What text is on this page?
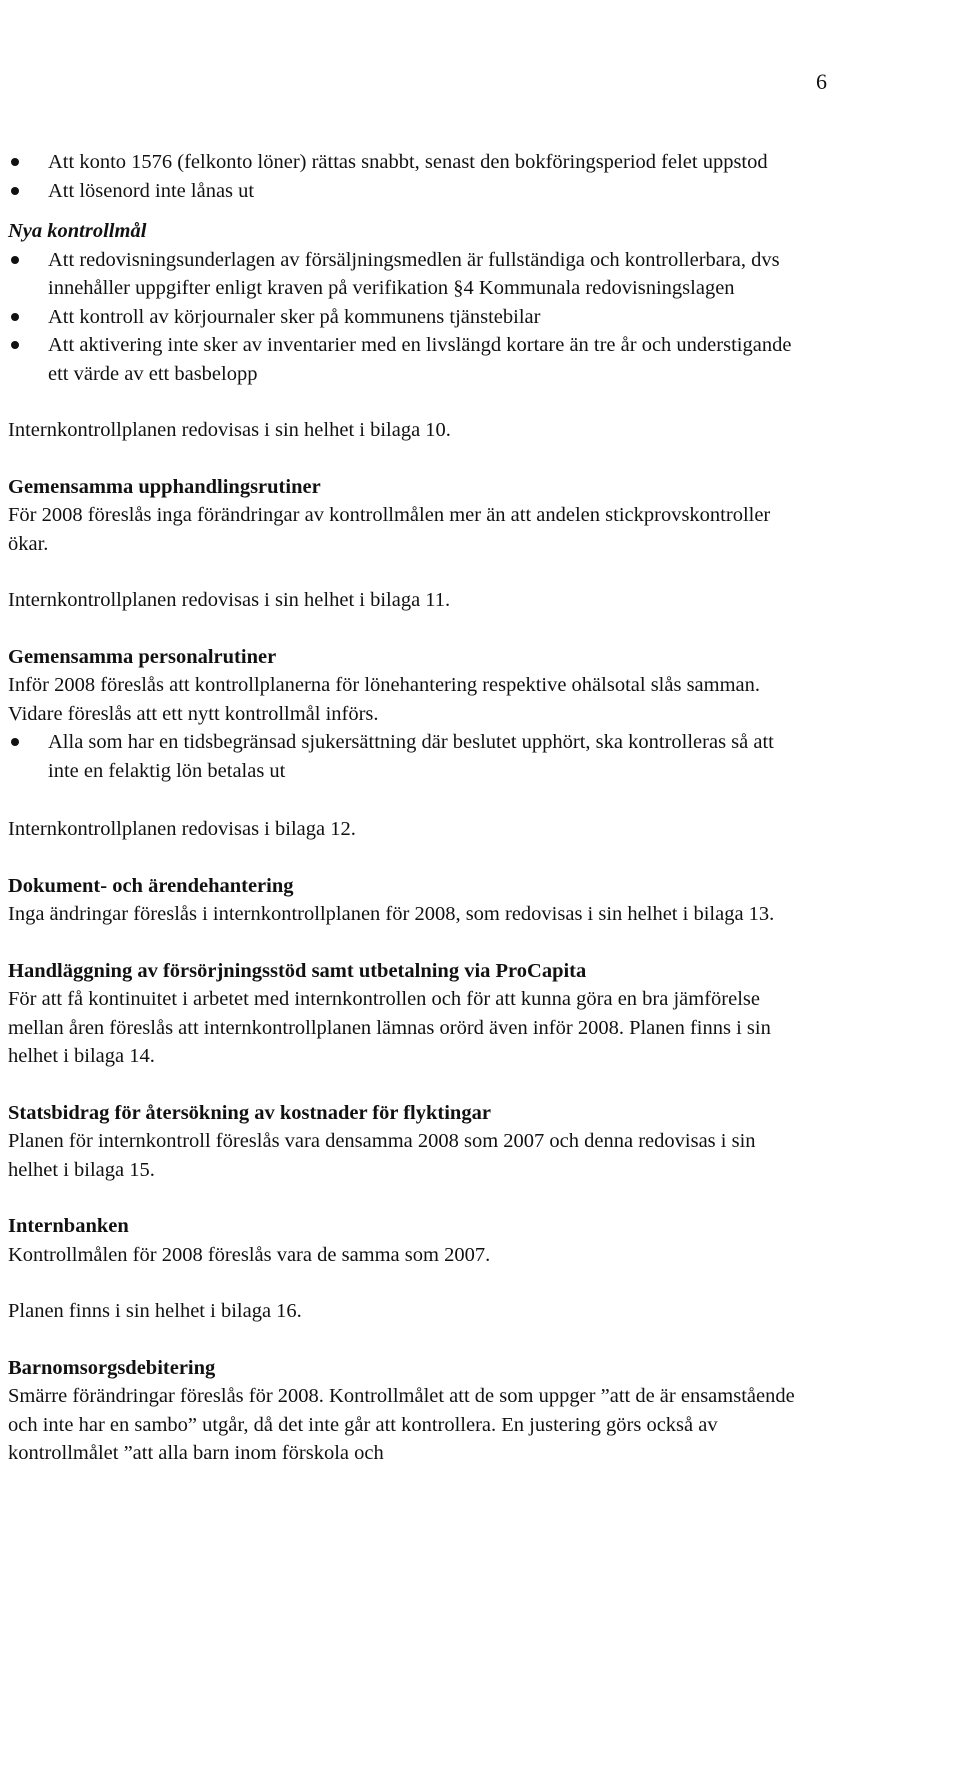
6
Att konto 1576 (felkonto löner) rättas snabbt, senast den bokföringsperiod felet uppstod
Att lösenord inte lånas ut

Nya kontrollmål

Att redovisningsunderlagen av försäljningsmedlen är fullständiga och kontrollerbara, dvs innehåller uppgifter enligt kraven på verifikation §4 Kommunala redovisningslagen
Att kontroll av körjournaler sker på kommunens tjänstebilar
Att aktivering inte sker av inventarier med en livslängd kortare än tre år och understigande ett värde av ett basbelopp

Internkontrollplanen redovisas i sin helhet i bilaga 10.

Gemensamma upphandlingsrutiner

För 2008 föreslås inga förändringar av kontrollmålen mer än att andelen stickprovskontroller ökar.

Internkontrollplanen redovisas i sin helhet i bilaga 11.

Gemensamma personalrutiner

Inför 2008 föreslås att kontrollplanerna för lönehantering respektive ohälsotal slås samman. Vidare föreslås att ett nytt kontrollmål införs.

Alla som har en tidsbegränsad sjukersättning där beslutet upphört, ska kontrolleras så att inte en felaktig lön betalas ut

Internkontrollplanen redovisas i bilaga 12.

Dokument- och ärendehantering

Inga ändringar föreslås i internkontrollplanen för 2008, som redovisas i sin helhet i bilaga 13.

Handläggning av försörjningsstöd samt utbetalning via ProCapita

För att få kontinuitet i arbetet med internkontrollen och för att kunna göra en bra jämförelse mellan åren föreslås att internkontrollplanen lämnas orörd även inför 2008. Planen finns i sin helhet i bilaga 14.

Statsbidrag för återsökning av kostnader för flyktingar

Planen för internkontroll föreslås vara densamma 2008 som 2007 och denna redovisas i sin helhet i bilaga 15.

Internbanken

Kontrollmålen för 2008 föreslås vara de samma som 2007.

Planen finns i sin helhet i bilaga 16.

Barnomsorgsdebitering

Smärre förändringar föreslås för 2008. Kontrollmålet att de som uppger ”att de är ensamstående och inte har en sambo” utgår, då det inte går att kontrollera. En justering görs också av kontrollmålet ”att alla barn inom förskola och
